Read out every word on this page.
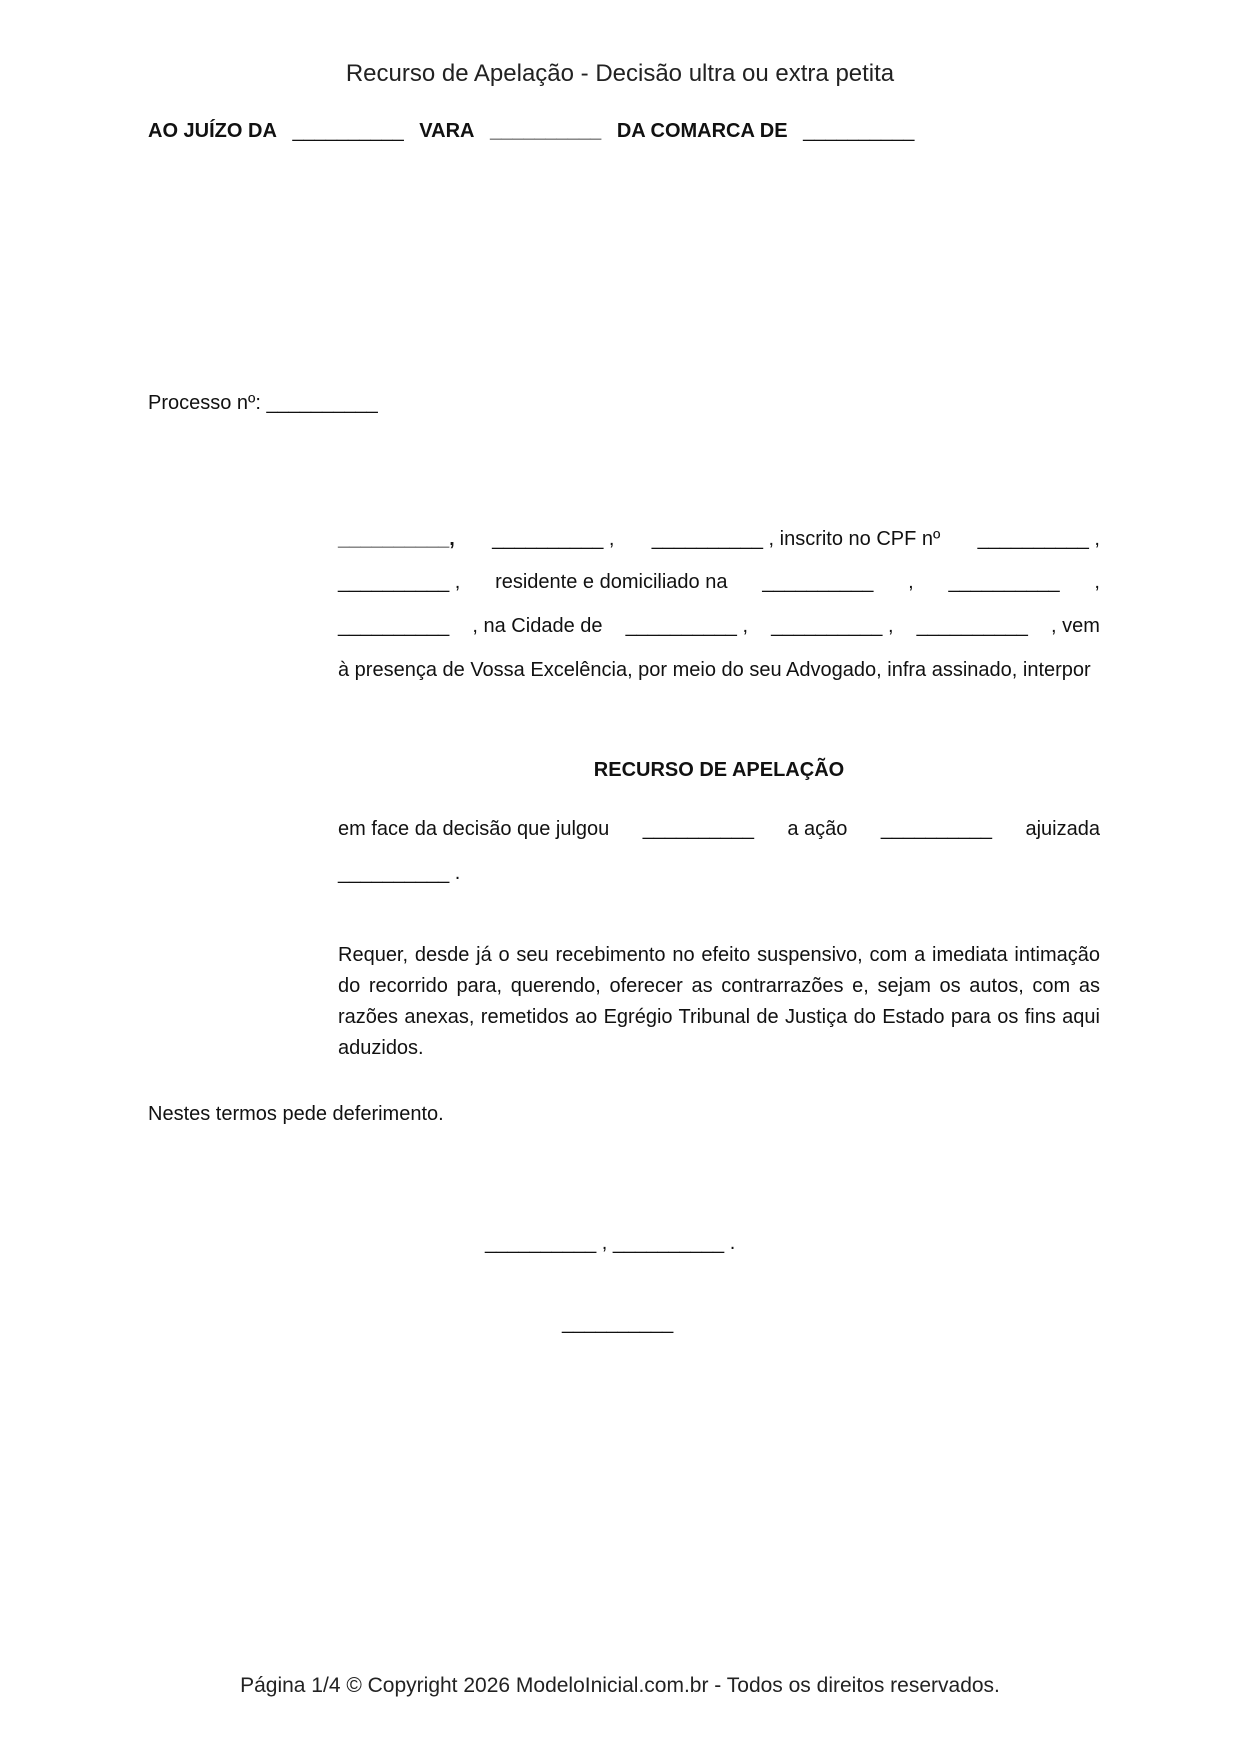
Recurso de Apelação - Decisão ultra ou extra petita
AO JUÍZO DA __________ VARA __________ DA COMARCA DE __________
Processo nº: __________
__________, __________ , __________ , inscrito no CPF nº __________ ,
__________ , residente e domiciliado na __________ , __________ ,
__________ , na Cidade de __________ , __________ , __________ , vem
à presença de Vossa Excelência, por meio do seu Advogado, infra assinado, interpor
RECURSO DE APELAÇÃO
em face da decisão que julgou __________ a ação __________ ajuizada
__________ .
Requer, desde já o seu recebimento no efeito suspensivo, com a imediata intimação do recorrido para, querendo, oferecer as contrarrazões e, sejam os autos, com as razões anexas, remetidos ao Egrégio Tribunal de Justiça do Estado para os fins aqui aduzidos.
Nestes termos pede deferimento.
__________ , __________ .
__________
Página 1/4 © Copyright 2026 ModeloInicial.com.br - Todos os direitos reservados.
